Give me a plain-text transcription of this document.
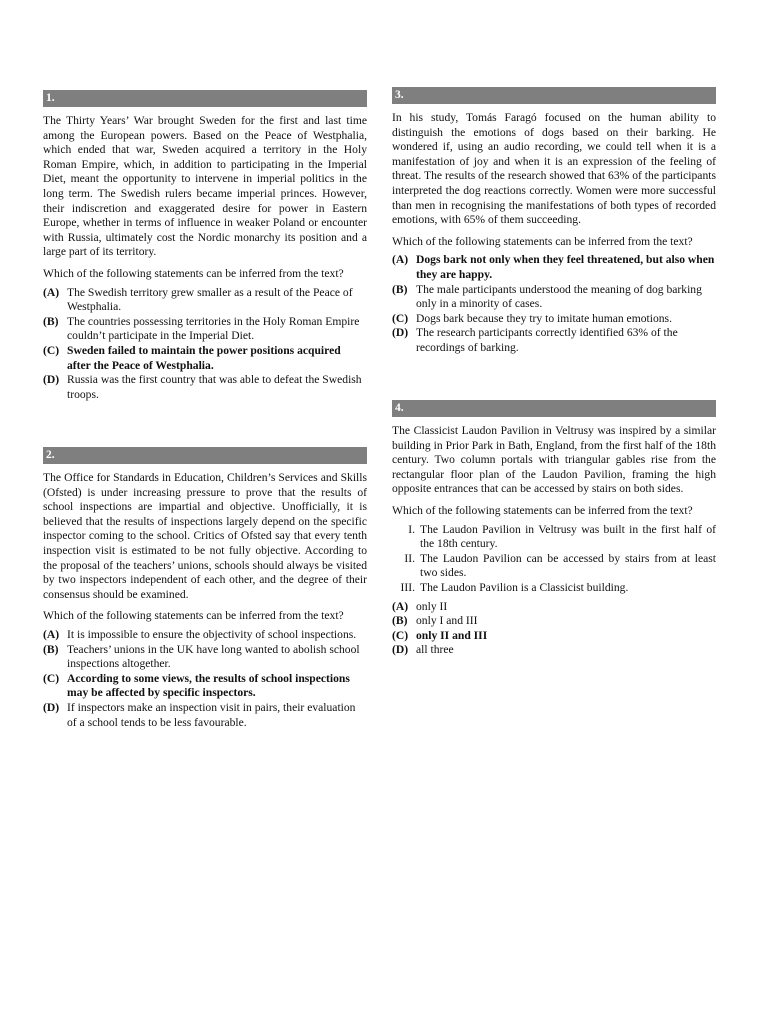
1.

The Thirty Years’ War brought Sweden for the first and last time among the European powers. Based on the Peace of Westphalia, which ended that war, Sweden acquired a territory in the Holy Roman Empire, which, in addition to participating in the Imperial Diet, meant the opportunity to intervene in imperial politics in the long term. The Swedish rulers became imperial princes. However, their indiscretion and exaggerated desire for power in Eastern Europe, whether in terms of influence in weaker Poland or encounter with Russia, ultimately cost the Nordic monarchy its position and a large part of its territory.

Which of the following statements can be inferred from the text?

(A) The Swedish territory grew smaller as a result of the Peace of Westphalia.
(B) The countries possessing territories in the Holy Roman Empire couldn’t participate in the Imperial Diet.
(C) Sweden failed to maintain the power positions acquired after the Peace of Westphalia.
(D) Russia was the first country that was able to defeat the Swedish troops.
2.

The Office for Standards in Education, Children’s Services and Skills (Ofsted) is under increasing pressure to prove that the results of school inspections are impartial and objective. Unofficially, it is believed that the results of inspections largely depend on the specific inspector coming to the school. Critics of Ofsted say that every tenth inspection visit is estimated to be not fully objective. According to the proposal of the teachers’ unions, schools should always be visited by two inspectors independent of each other, and the degree of their consensus should be examined.

Which of the following statements can be inferred from the text?

(A) It is impossible to ensure the objectivity of school inspections.
(B) Teachers’ unions in the UK have long wanted to abolish school inspections altogether.
(C) According to some views, the results of school inspections may be affected by specific inspectors.
(D) If inspectors make an inspection visit in pairs, their evaluation of a school tends to be less favourable.
3.

In his study, Tomás Faragó focused on the human ability to distinguish the emotions of dogs based on their barking. He wondered if, using an audio recording, we could tell when it is a manifestation of joy and when it is an expression of the feeling of threat. The results of the research showed that 63% of the participants interpreted the dog reactions correctly. Women were more successful than men in recognising the manifestations of both types of recorded emotions, with 65% of them succeeding.

Which of the following statements can be inferred from the text?

(A) Dogs bark not only when they feel threatened, but also when they are happy.
(B) The male participants understood the meaning of dog barking only in a minority of cases.
(C) Dogs bark because they try to imitate human emotions.
(D) The research participants correctly identified 63% of the recordings of barking.
4.

The Classicist Laudon Pavilion in Veltrusy was inspired by a similar building in Prior Park in Bath, England, from the first half of the 18th century. Two column portals with triangular gables rise from the rectangular floor plan of the Laudon Pavilion, framing the high opposite entrances that can be accessed by stairs on both sides.

Which of the following statements can be inferred from the text?

I. The Laudon Pavilion in Veltrusy was built in the first half of the 18th century.
II. The Laudon Pavilion can be accessed by stairs from at least two sides.
III. The Laudon Pavilion is a Classicist building.
(A) only II
(B) only I and III
(C) only II and III
(D) all three
